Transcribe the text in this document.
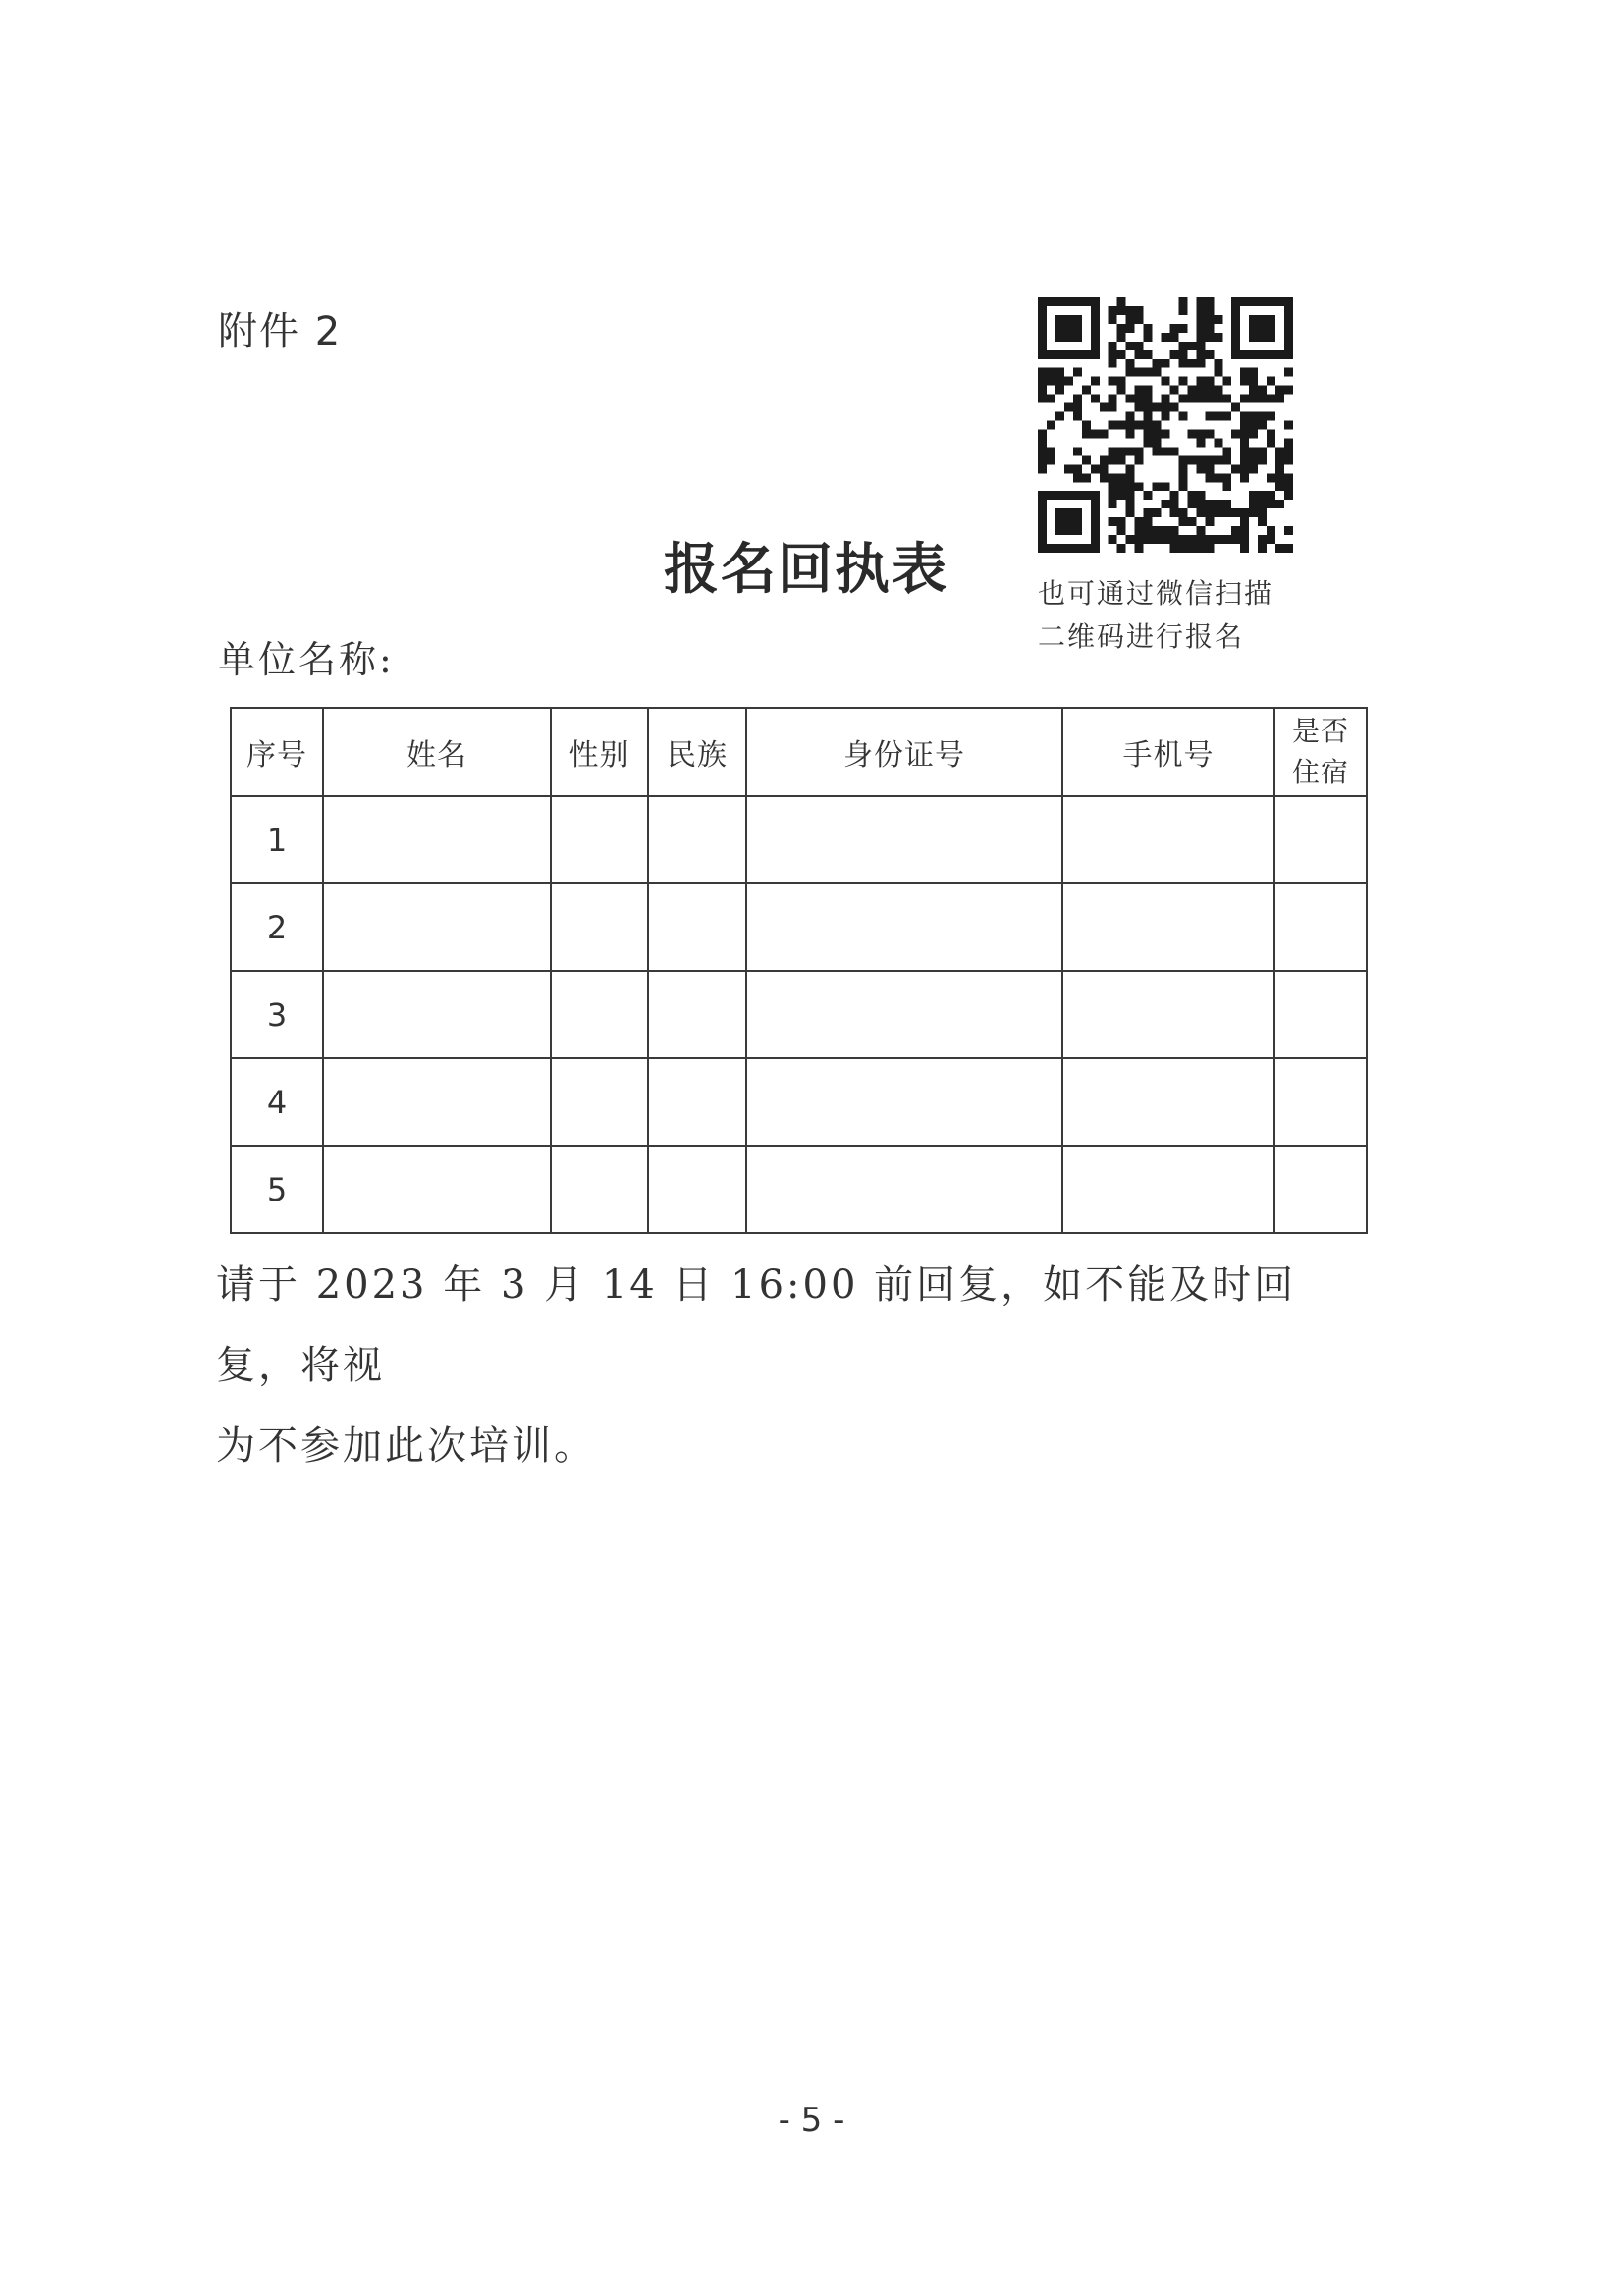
附件 2
报名回执表	也可通过微信扫描
二维码进行报名
单位名称:
序号	姓名	性别	民族	身份证号	手机号	是否
住宿

1						
2						
3						
4						
5						
请于 2023 年 3 月 14 日 16:00 前回复，如不能及时回复，将视
为不参加此次培训。
- 5 -
